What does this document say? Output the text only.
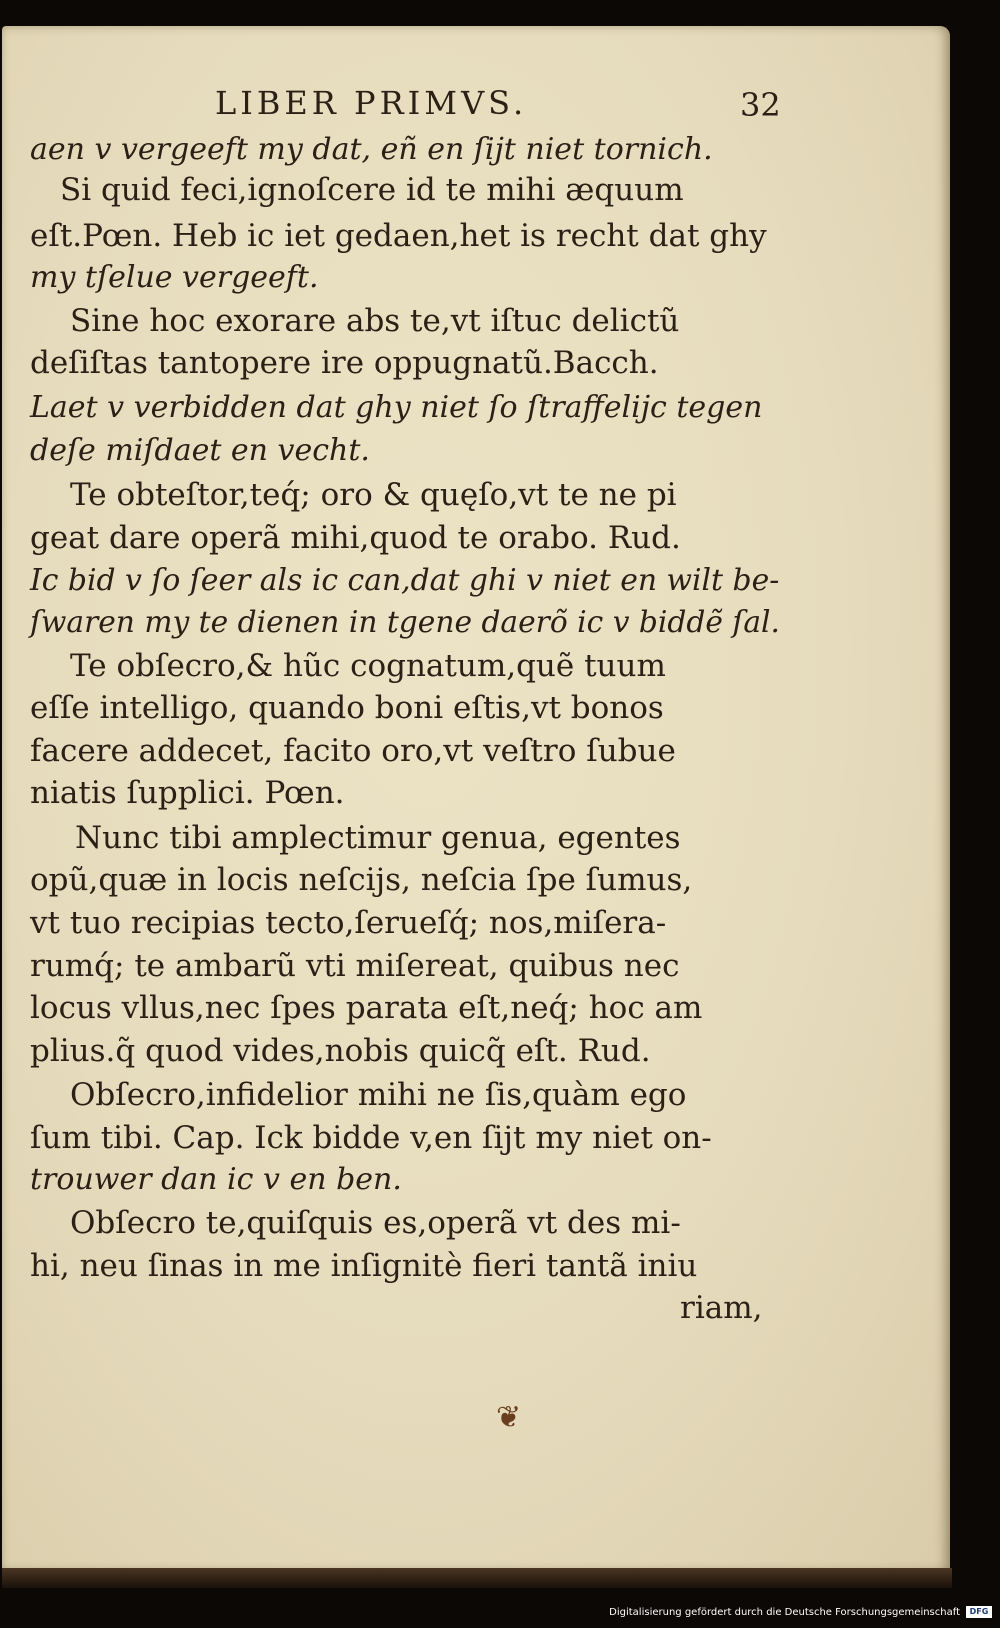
LIBER PRIMVS.	32
aen v vergeeft my dat, eñ en ſijt niet tornich.
Si quid feci,ignoſcere id te mihi æquum
eſt.Pœn. Heb ic iet gedaen,het is recht dat ghy
my tſelue vergeeft.
Sine hoc exorare abs te,vt iſtuc delictũ
deſiſtas tantopere ire oppugnatũ.Bacch.
Laet v verbidden dat ghy niet ſo ſtraffelijc tegen
deſe miſdaet en vecht.
Te obteſtor,teq́; oro & quęſo,vt te ne pi
geat dare operã mihi,quod te orabo. Rud.
Ic bid v ſo ſeer als ic can,dat ghi v niet en wilt be-
ſwaren my te dienen in tgene daerõ ic v biddẽ ſal.
Te obſecro,& hũc cognatum,quẽ tuum
eſſe intelligo, quando boni eſtis,vt bonos
facere addecet, facito oro,vt veſtro ſubue
niatis ſupplici. Pœn.
Nunc tibi amplectimur genua, egentes
opũ,quæ in locis neſcijs, neſcia ſpe ſumus,
vt tuo recipias tecto,ſerueſq́; nos,miſera-
rumq́; te ambarũ vti miſereat, quibus nec
locus vllus,nec ſpes parata eſt,neq́; hoc am
plius.q̃ quod vides,nobis quicq̃ eſt. Rud.
Obſecro,infidelior mihi ne ſis,quàm ego
ſum tibi. Cap. Ick bidde v,en ſijt my niet on-
trouwer dan ic v en ben.
Obſecro te,quiſquis es,operã vt des mi-
hi, neu ſinas in me inſignitè fieri tantã iniu
riam,
❦
Digitalisierung gefördert durch die Deutsche Forschungsgemeinschaft	DFG
